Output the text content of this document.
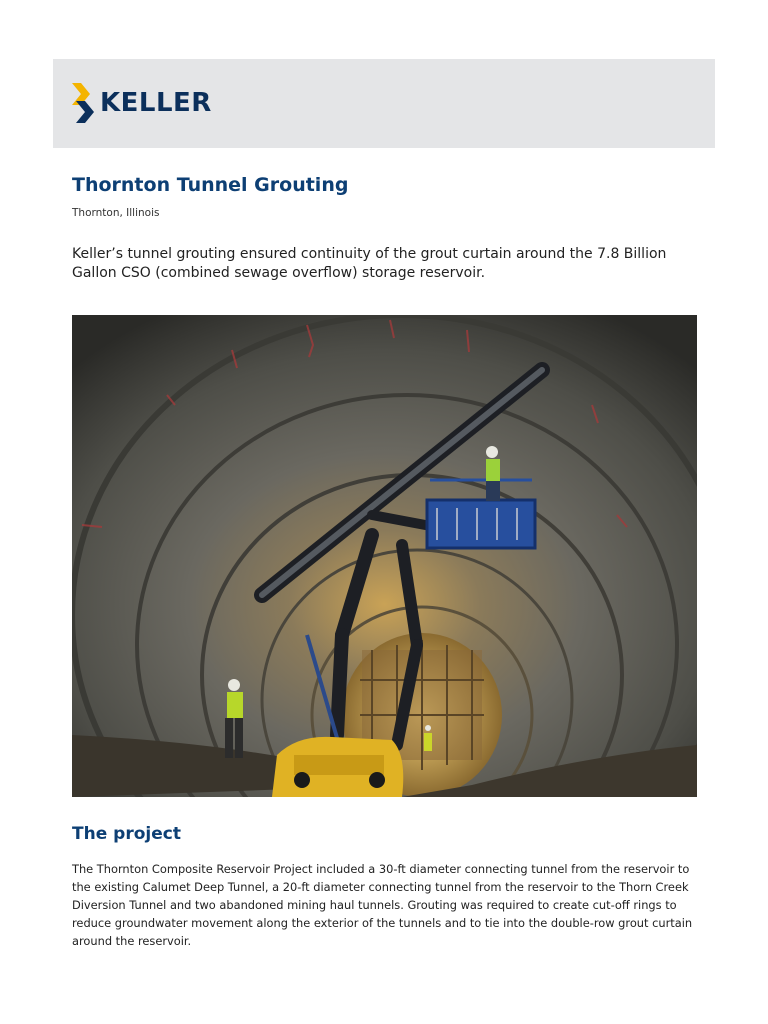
KELLER
Thornton Tunnel Grouting
Thornton, Illinois

Keller’s tunnel grouting ensured continuity of the grout curtain around the 7.8 Billion Gallon CSO (combined sewage overflow) storage reservoir.

The project

The Thornton Composite Reservoir Project included a 30-ft diameter connecting tunnel from the reservoir to the existing Calumet Deep Tunnel, a 20-ft diameter connecting tunnel from the reservoir to the Thorn Creek Diversion Tunnel and two abandoned mining haul tunnels. Grouting was required to create cut-off rings to reduce groundwater movement along the exterior of the tunnels and to tie into the double-row grout curtain around the reservoir.
